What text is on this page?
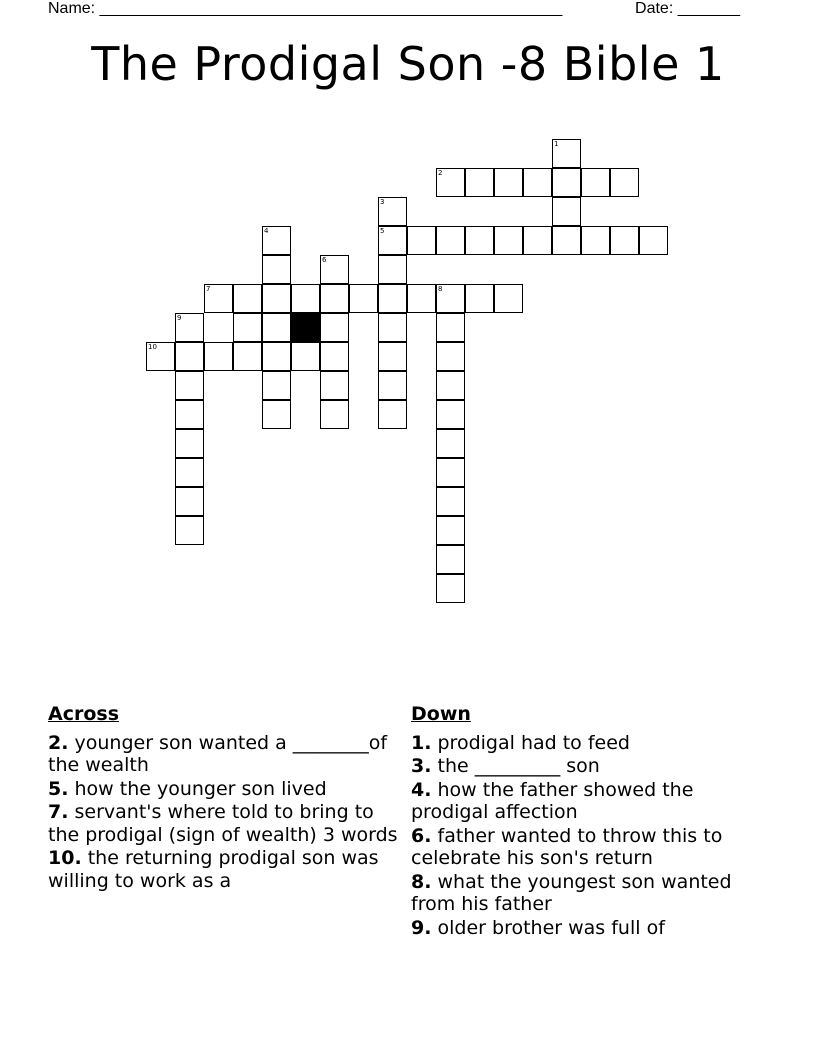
Name: ____________________________________________________	Date: _______
The Prodigal Son -8 Bible 1
2
5
7	8
10
1
3
4
6
9
Across
2. younger son wanted a ________of the wealth
5. how the younger son lived
7. servant's where told to bring to the prodigal (sign of wealth) 3 words
10. the returning prodigal son was willing to work as a
Down
1. prodigal had to feed
3. the _________ son
4. how the father showed the prodigal affection
6. father wanted to throw this to celebrate his son's return
8. what the youngest son wanted from his father
9. older brother was full of
